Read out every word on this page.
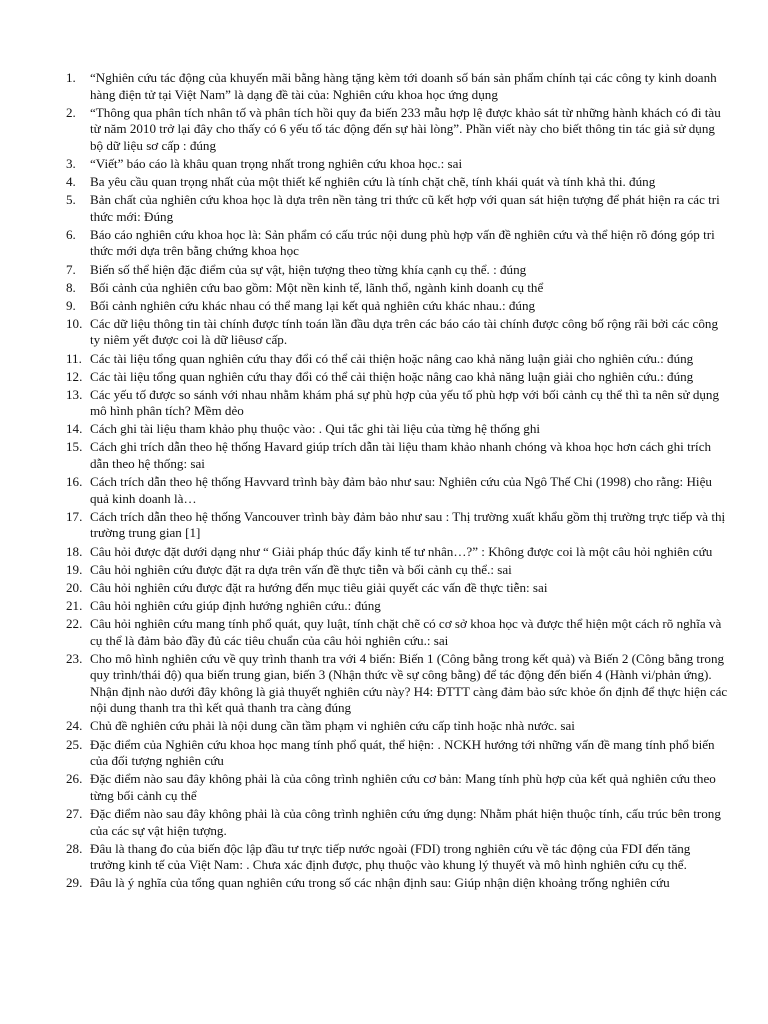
1.	“Nghiên cứu tác động của khuyến mãi bằng hàng tặng kèm tới doanh số bán sản phẩm chính tại các công ty kinh doanh hàng điện tử tại Việt Nam” là dạng đề tài của: Nghiên cứu khoa học ứng dụng
2.	“Thông qua phân tích nhân tố và phân tích hồi quy đa biến 233 mẫu hợp lệ được khảo sát từ những hành khách có đi tàu từ năm 2010 trở lại đây cho thấy có 6 yếu tố tác động đến sự hài lòng”. Phần viết này cho biết thông tin tác giả sử dụng bộ dữ liệu sơ cấp : đúng
3.	“Viết” báo cáo là khâu quan trọng nhất trong nghiên cứu khoa học.: sai
4.	Ba yêu cầu quan trọng nhất của một thiết kế nghiên cứu là tính chặt chẽ, tính khái quát và tính khả thi. đúng
5.	Bản chất của nghiên cứu khoa học là dựa trên nền tảng tri thức cũ kết hợp với quan sát hiện tượng để phát hiện ra các tri thức mới: Đúng
6.	Báo cáo nghiên cứu khoa học là: Sản phẩm có cấu trúc nội dung phù hợp vấn đề nghiên cứu và thể hiện rõ đóng góp tri thức mới dựa trên bằng chứng khoa học
7.	Biến số thể hiện đặc điểm của sự vật, hiện tượng theo từng khía cạnh cụ thể. : đúng
8.	Bối cảnh của nghiên cứu bao gồm: Một nền kinh tế, lãnh thổ, ngành kinh doanh cụ thể
9.	Bối cảnh nghiên cứu khác nhau có thể mang lại kết quả nghiên cứu khác nhau.: đúng
10. Các dữ liệu thông tin tài chính được tính toán lần đầu dựa trên các báo cáo tài chính được công bố rộng rãi bởi các công ty niêm yết được coi là dữ liêusơ cấp.
11. Các tài liệu tổng quan nghiên cứu thay đổi có thể cải thiện hoặc nâng cao khả năng luận giải cho nghiên cứu.: đúng
12. Các tài liệu tổng quan nghiên cứu thay đổi có thể cải thiện hoặc nâng cao khả năng luận giải cho nghiên cứu.: đúng
13. Các yếu tố được so sánh với nhau nhằm khám phá sự phù hợp của yếu tố phù hợp với bối cảnh cụ thể thì ta nên sử dụng mô hình phân tích? Mềm dẻo
14. Cách ghi tài liệu tham khảo phụ thuộc vào: . Qui tắc ghi tài liệu của từng hệ thống ghi
15. Cách ghi trích dẫn theo hệ thống Havard giúp trích dẫn tài liệu tham khảo nhanh chóng và khoa học hơn cách ghi trích dẫn theo hệ thống: sai
16. Cách trích dẫn theo hệ thống Havvard trình bày đảm bảo như sau: Nghiên cứu của Ngô Thế Chi (1998) cho rằng: Hiệu quả kinh doanh là…
17. Cách trích dẫn theo hệ thống Vancouver trình bày đảm bảo như sau : Thị trường xuất khẩu gồm thị trường trực tiếp và thị trường trung gian [1]
18. Câu hỏi được đặt dưới dạng như “ Giải pháp thúc đẩy kinh tế tư nhân…?” : Không được coi là một câu hỏi nghiên cứu
19. Câu hỏi nghiên cứu được đặt ra dựa trên vấn đề thực tiễn và bối cảnh cụ thể.: sai
20. Câu hỏi nghiên cứu được đặt ra hướng đến mục tiêu giải quyết các vấn đề thực tiễn: sai
21. Câu hỏi nghiên cứu giúp định hướng nghiên cứu.: đúng
22. Câu hỏi nghiên cứu mang tính phổ quát, quy luật, tính chặt chẽ có cơ sở khoa học và được thể hiện một cách rõ nghĩa và cụ thể là đảm bảo đầy đủ các tiêu chuẩn của câu hỏi nghiên cứu.: sai
23. Cho mô hình nghiên cứu về quy trình thanh tra với 4 biến: Biến 1 (Công bằng trong kết quả) và Biến 2 (Công bằng trong quy trình/thái độ) qua biến trung gian, biến 3 (Nhận thức về sự công bằng) để tác động đến biến 4 (Hành vi/phản ứng). Nhận định nào dưới đây không là giả thuyết nghiên cứu này? H4: ĐTTT càng đảm bảo sức khỏe ổn định để thực hiện các nội dung thanh tra thì kết quả thanh tra càng đúng
24. Chủ đề nghiên cứu phải là nội dung cần tầm phạm vi nghiên cứu cấp tỉnh hoặc nhà nước. sai
25. Đặc điểm của Nghiên cứu khoa học mang tính phổ quát, thể hiện: . NCKH hướng tới những vấn đề mang tính phổ biến của đối tượng nghiên cứu
26. Đặc điểm nào sau đây không phải là của công trình nghiên cứu cơ bản: Mang tính phù hợp của kết quả nghiên cứu theo từng bối cảnh cụ thể
27. Đặc điểm nào sau đây không phải là của công trình nghiên cứu ứng dụng: Nhằm phát hiện thuộc tính, cấu trúc bên trong của các sự vật hiện tượng.
28. Đâu là thang đo của biến độc lập đầu tư trực tiếp nước ngoài (FDI) trong nghiên cứu về tác động của FDI đến tăng trưởng kinh tế của Việt Nam: . Chưa xác định được, phụ thuộc vào khung lý thuyết và mô hình nghiên cứu cụ thể.
29. Đâu là ý nghĩa của tổng quan nghiên cứu trong số các nhận định sau: Giúp nhận diện khoảng trống nghiên cứu
